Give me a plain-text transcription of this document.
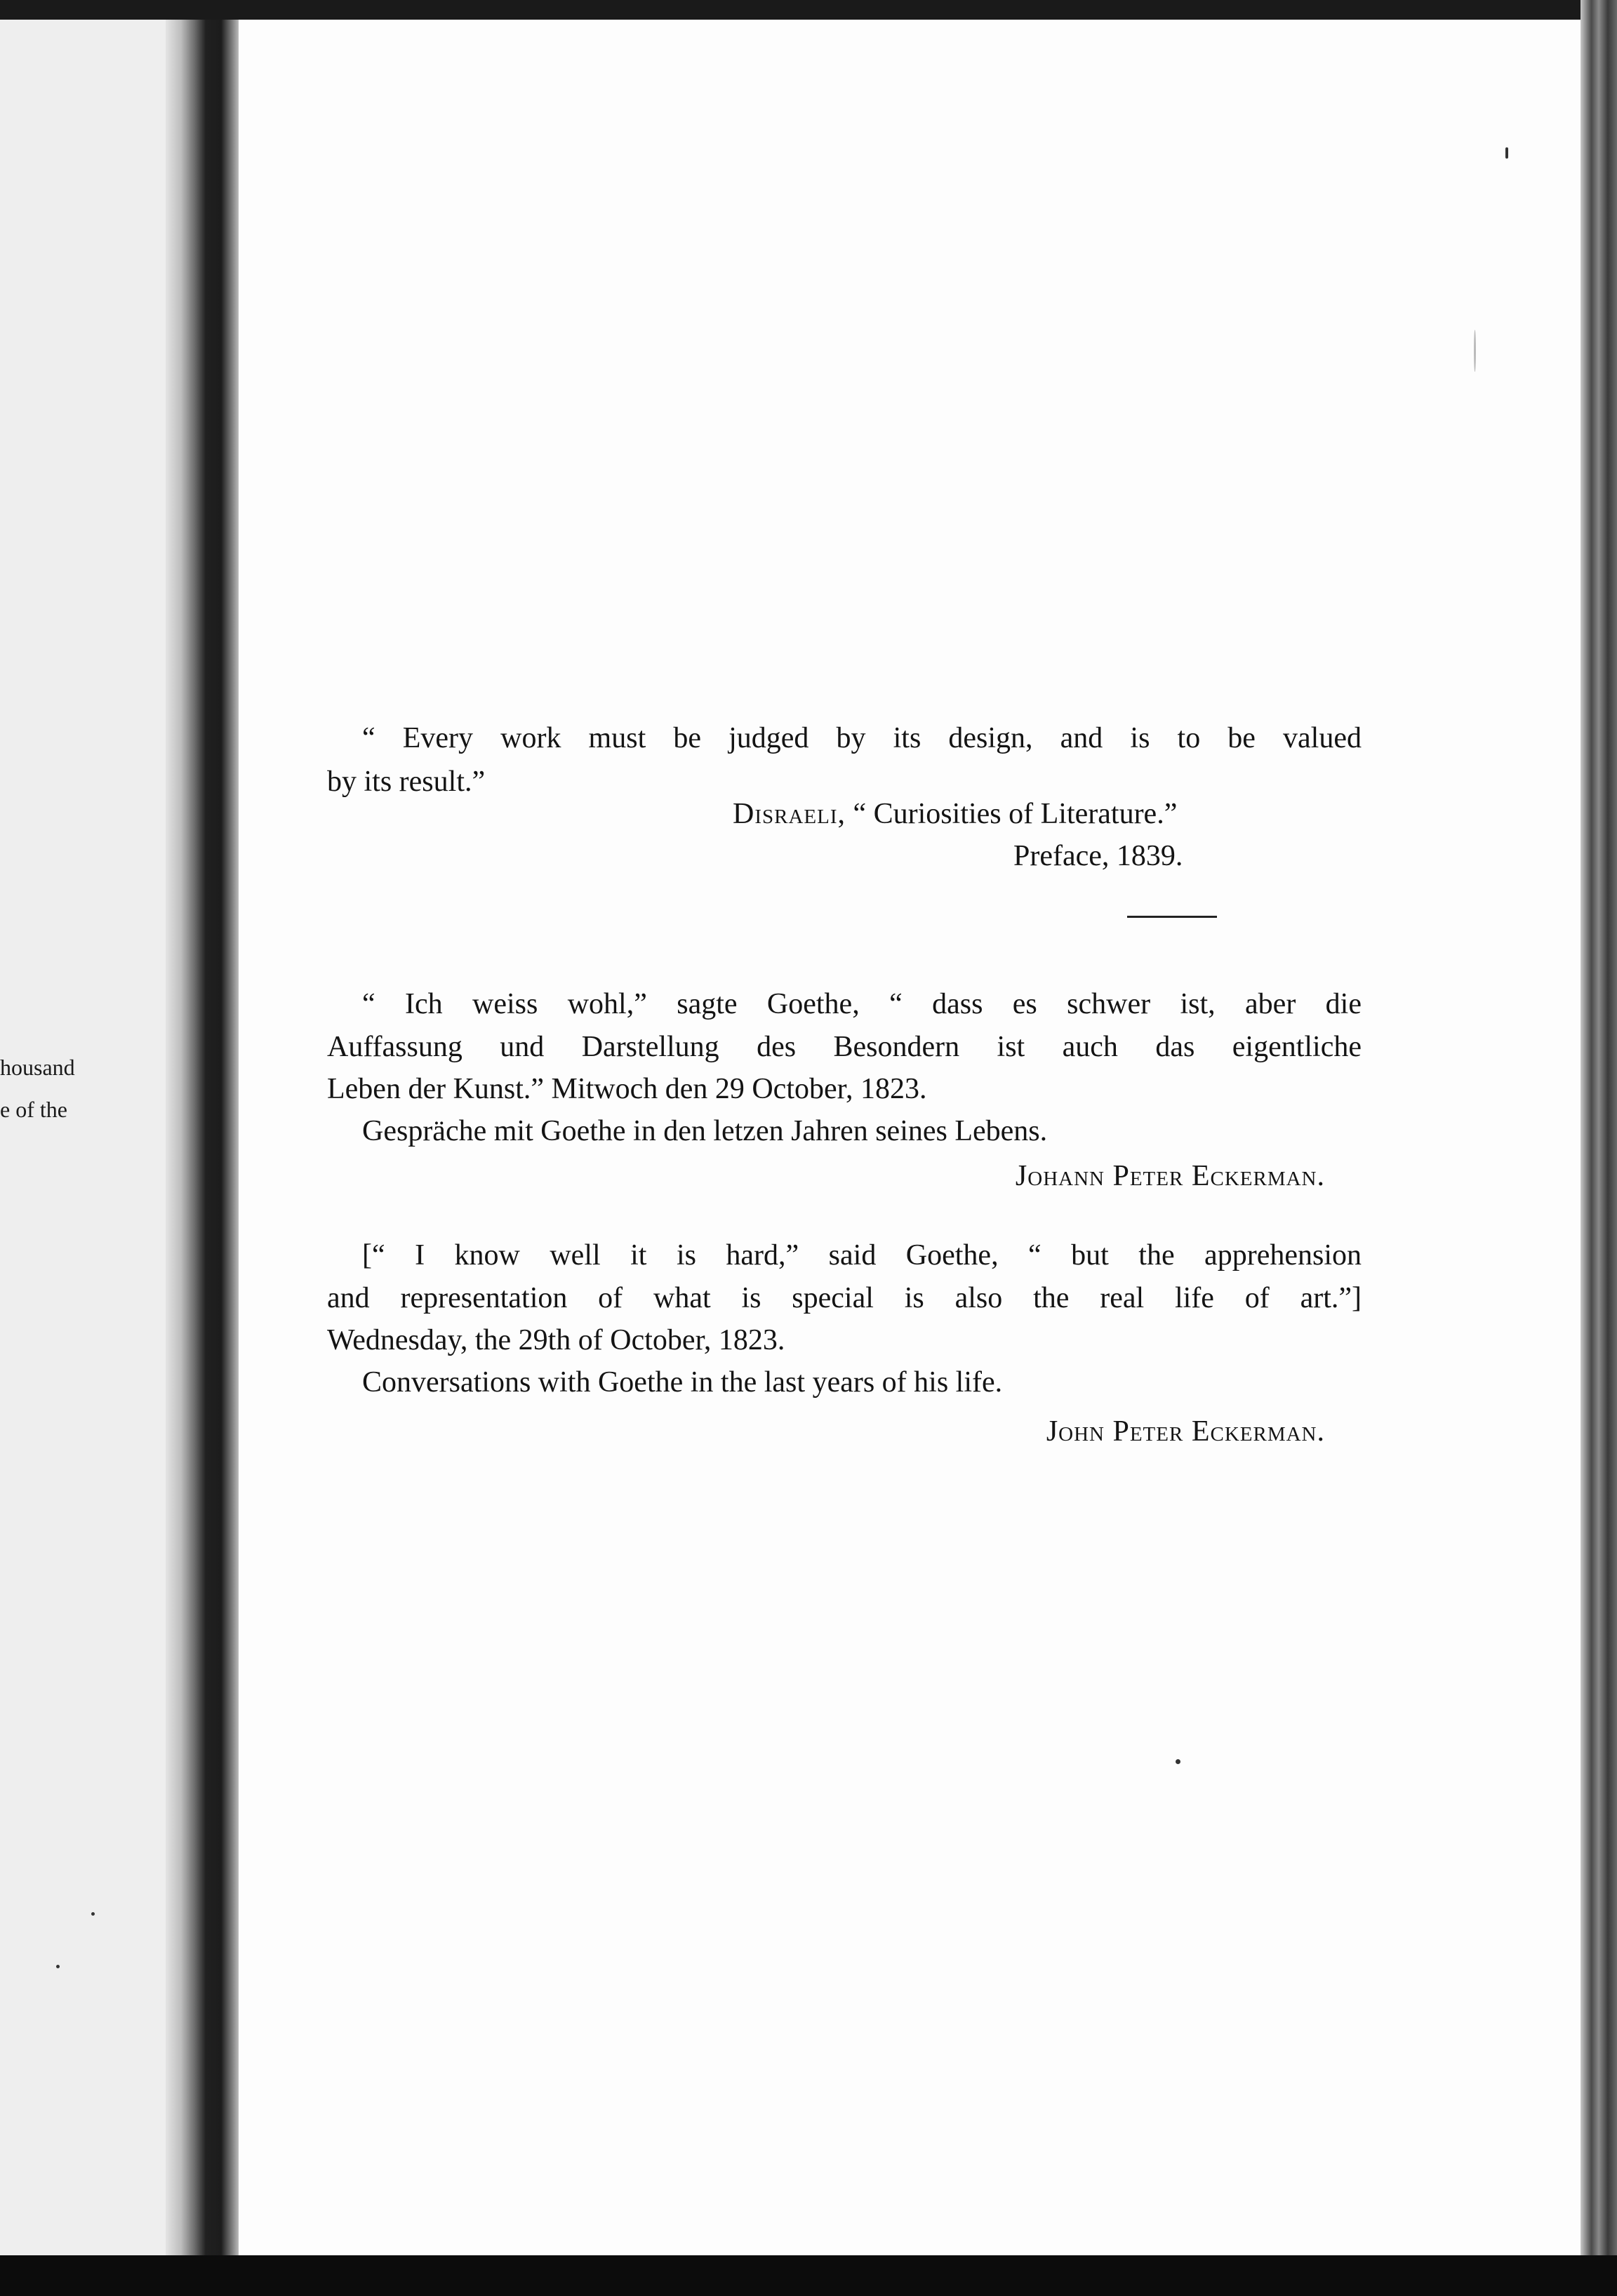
housand
e of the
“ Every work must be judged by its design, and is to be valued
by its result.”
Disraeli, “ Curiosities of Literature.”
Preface, 1839.
“ Ich weiss wohl,” sagte Goethe, “ dass es schwer ist, aber die
Auffassung und Darstellung des Besondern ist auch das eigentliche
Leben der Kunst.” Mitwoch den 29 October, 1823.
Gespräche mit Goethe in den letzen Jahren seines Lebens.
Johann Peter Eckerman.
[“ I know well it is hard,” said Goethe, “ but the apprehension
and representation of what is special is also the real life of art.”]
Wednesday, the 29th of October, 1823.
Conversations with Goethe in the last years of his life.
John Peter Eckerman.
